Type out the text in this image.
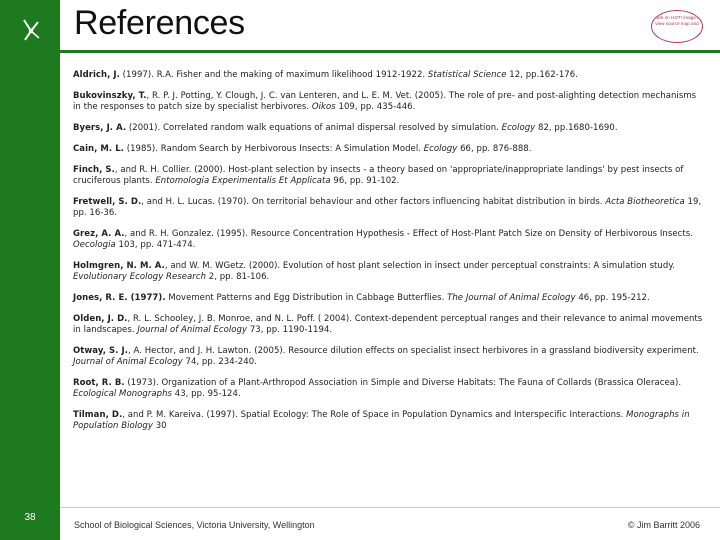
38
References	Mark on HOT! image to view source map and

Aldrich, J. (1997). R.A. Fisher and the making of maximum likelihood 1912-1922. Statistical Science 12, pp.162-176.

Bukovinszky, T., R. P. J. Potting, Y. Clough, J. C. van Lenteren, and L. E. M. Vet. (2005). The role of pre- and post-alighting detection mechanisms in the responses to patch size by specialist herbivores. Oikos 109, pp. 435-446.

Byers, J. A. (2001). Correlated random walk equations of animal dispersal resolved by simulation. Ecology 82, pp.1680-1690.

Cain, M. L. (1985). Random Search by Herbivorous Insects: A Simulation Model. Ecology 66, pp. 876-888.

Finch, S., and R. H. Collier. (2000). Host-plant selection by insects - a theory based on 'appropriate/inappropriate landings' by pest insects of cruciferous plants. Entomologia Experimentalis Et Applicata 96, pp. 91-102.

Fretwell, S. D., and H. L. Lucas. (1970). On territorial behaviour and other factors influencing habitat distribution in birds. Acta Biotheoretica 19, pp. 16-36.

Grez, A. A., and R. H. Gonzalez. (1995). Resource Concentration Hypothesis - Effect of Host-Plant Patch Size on Density of Herbivorous Insects. Oecologia 103, pp. 471-474.

Holmgren, N. M. A., and W. M. WGetz. (2000). Evolution of host plant selection in insect under perceptual constraints: A simulation study. Evolutionary Ecology Research 2, pp. 81-106.

Jones, R. E. (1977). Movement Patterns and Egg Distribution in Cabbage Butterflies. The Journal of Animal Ecology 46, pp. 195-212.

Olden, J. D., R. L. Schooley, J. B. Monroe, and N. L. Poff. ( 2004). Context-dependent perceptual ranges and their relevance to animal movements in landscapes. Journal of Animal Ecology 73, pp. 1190-1194.

Otway, S. J., A. Hector, and J. H. Lawton. (2005). Resource dilution effects on specialist insect herbivores in a grassland biodiversity experiment. Journal of Animal Ecology 74, pp. 234-240.

Root, R. B. (1973). Organization of a Plant-Arthropod Association in Simple and Diverse Habitats: The Fauna of Collards (Brassica Oleracea). Ecological Monographs 43, pp. 95-124.

Tilman, D., and P. M. Kareiva. (1997). Spatial Ecology: The Role of Space in Population Dynamics and Interspecific Interactions. Monographs in Population Biology 30

School of Biological Sciences, Victoria University, Wellington	© Jim Barritt 2006
